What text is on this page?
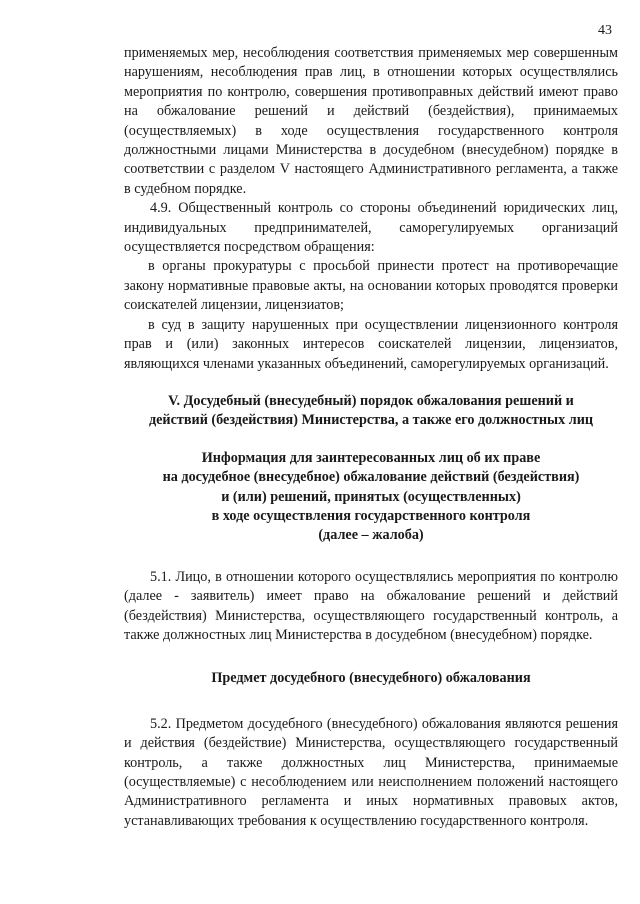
43

применяемых мер, несоблюдения соответствия применяемых мер совершенным нарушениям, несоблюдения прав лиц, в отношении которых осуществлялись мероприятия по контролю, совершения противоправных действий имеют право на обжалование решений и действий (бездействия), принимаемых (осуществляемых) в ходе осуществления государственного контроля должностными лицами Министерства в досудебном (внесудебном) порядке в соответствии с разделом V настоящего Административного регламента, а также в судебном порядке.

4.9. Общественный контроль со стороны объединений юридических лиц, индивидуальных предпринимателей, саморегулируемых организаций осуществляется посредством обращения:

в органы прокуратуры с просьбой принести протест на противоречащие закону нормативные правовые акты, на основании которых проводятся проверки соискателей лицензии, лицензиатов;

в суд в защиту нарушенных при осуществлении лицензионного контроля прав и (или) законных интересов соискателей лицензии, лицензиатов, являющихся членами указанных объединений, саморегулируемых организаций.

V. Досудебный (внесудебный) порядок обжалования решений и
действий (бездействия) Министерства, а также его должностных лиц
Информация для заинтересованных лиц об их праве
на досудебное (внесудебное) обжалование действий (бездействия)
и (или) решений, принятых (осуществленных)
в ходе осуществления государственного контроля
(далее – жалоба)

5.1. Лицо, в отношении которого осуществлялись мероприятия по контролю (далее - заявитель) имеет право на обжалование решений и действий (бездействия) Министерства, осуществляющего государственный контроль, а также должностных лиц Министерства в досудебном (внесудебном) порядке.

Предмет досудебного (внесудебного) обжалования

5.2. Предметом досудебного (внесудебного) обжалования являются решения и действия (бездействие) Министерства, осуществляющего государственный контроль, а также должностных лиц Министерства, принимаемые (осуществляемые) с несоблюдением или неисполнением положений настоящего Административного регламента и иных нормативных правовых актов, устанавливающих требования к осуществлению государственного контроля.
